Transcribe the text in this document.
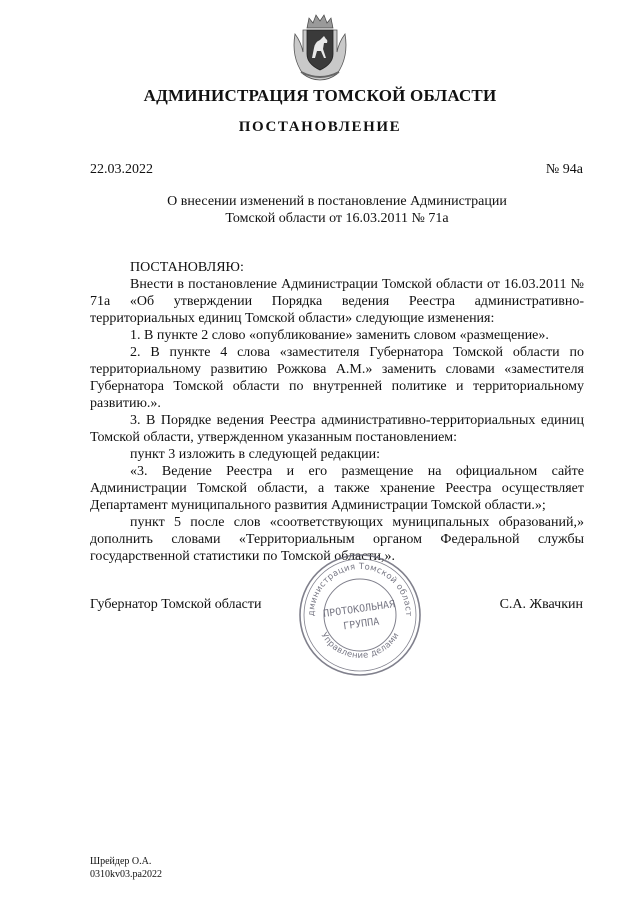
АДМИНИСТРАЦИЯ ТОМСКОЙ ОБЛАСТИ
ПОСТАНОВЛЕНИЕ
22.03.2022	№ 94а
О внесении изменений в постановление Администрации
Томской области от 16.03.2011 № 71а

ПОСТАНОВЛЯЮ:

Внести в постановление Администрации Томской области от 16.03.2011 № 71а «Об утверждении Порядка ведения Реестра административно-территориальных единиц Томской области» следующие изменения:

1. В пункте 2 слово «опубликование» заменить словом «размещение».

2. В пункте 4 слова «заместителя Губернатора Томской области по территориальному развитию Рожкова А.М.» заменить словами «заместителя Губернатора Томской области по внутренней политике и территориальному развитию.».

3. В Порядке ведения Реестра административно-территориальных единиц Томской области, утвержденном указанным постановлением:

пункт 3 изложить в следующей редакции:

«3. Ведение Реестра и его размещение на официальном сайте Администрации Томской области, а также хранение Реестра осуществляет Департамент муниципального развития Администрации Томской области.»;

пункт 5 после слов «соответствующих муниципальных образований,» дополнить словами «Территориальным органом Федеральной службы государственной статистики по Томской области,».

Губернатор Томской области	С.А. Жвачкин
дминистрация Томской област
Управление делами
ПРОТОКОЛЬНАЯ
ГРУППА
Шрейдер О.А.
0310kv03.pa2022
